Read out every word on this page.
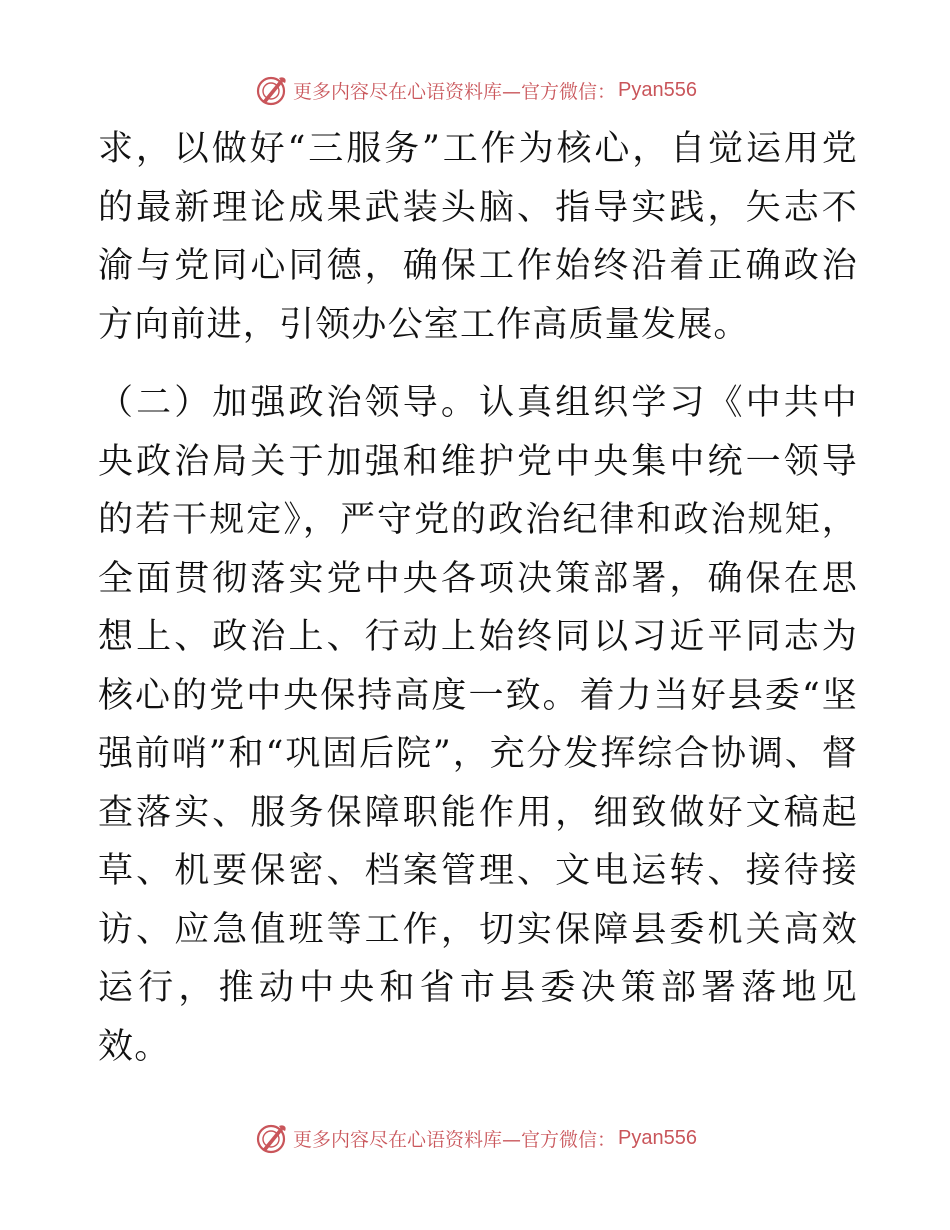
更多内容尽在心语资料库—官方微信： Pyan556

求，以做好“三服务”工作为核心，自觉运用党的最新理论成果武装头脑、指导实践，矢志不渝与党同心同德，确保工作始终沿着正确政治方向前进，引领办公室工作高质量发展。

（二）加强政治领导。认真组织学习《中共中央政治局关于加强和维护党中央集中统一领导的若干规定》，严守党的政治纪律和政治规矩，全面贯彻落实党中央各项决策部署，确保在思想上、政治上、行动上始终同以习近平同志为核心的党中央保持高度一致。着力当好县委“坚强前哨”和“巩固后院”，充分发挥综合协调、督查落实、服务保障职能作用，细致做好文稿起草、机要保密、档案管理、文电运转、接待接访、应急值班等工作，切实保障县委机关高效运行，推动中央和省市县委决策部署落地见效。

更多内容尽在心语资料库—官方微信： Pyan556
